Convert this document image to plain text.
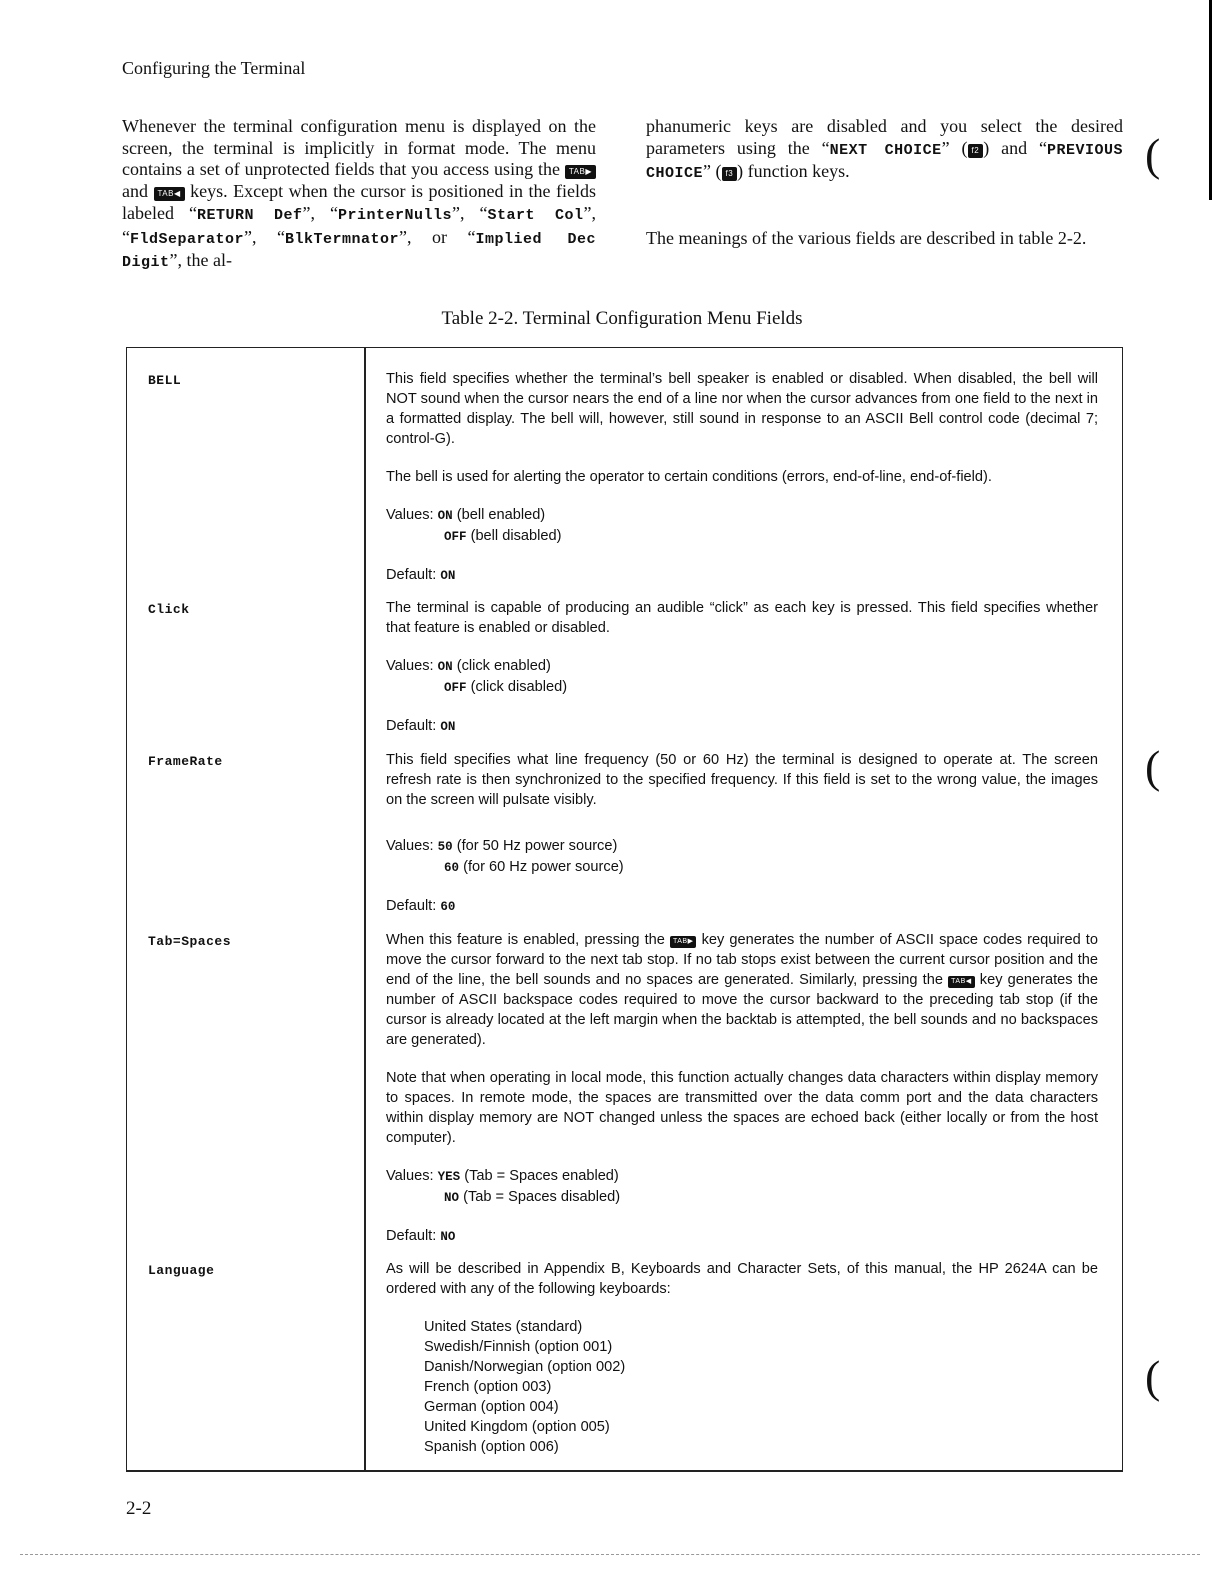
Configuring the Terminal

Whenever the terminal configuration menu is displayed on the screen, the terminal is implicitly in format mode. The menu contains a set of unprotected fields that you access using the TAB▶ and TAB◀ keys. Except when the cursor is positioned in the fields labeled “RETURN Def”, “PrinterNulls”, “Start Col”, “FldSeparator”, “BlkTermnator”, or “Implied Dec Digit”, the al-

phanumeric keys are disabled and you select the desired parameters using the “NEXT CHOICE” ( f2 ) and “PREVIOUS CHOICE” ( f3 ) function keys.

The meanings of the various fields are described in table 2-2.

Table 2-2. Terminal Configuration Menu Fields
BELL	This field specifies whether the terminal’s bell speaker is enabled or disabled. When disabled, the bell will NOT sound when the cursor nears the end of a line nor when the cursor advances from one field to the next in a formatted display. The bell will, however, still sound in response to an ASCII Bell control code (decimal 7; control-G).

The bell is used for alerting the operator to certain conditions (errors, end-of-line, end-of-field).

Values: ON (bell enabled)
OFF (bell disabled)

Default: ON

Click	The terminal is capable of producing an audible “click” as each key is pressed. This field specifies whether that feature is enabled or disabled.

Values: ON (click enabled)
OFF (click disabled)

Default: ON

FrameRate	This field specifies what line frequency (50 or 60 Hz) the terminal is designed to operate at. The screen refresh rate is then synchronized to the specified frequency. If this field is set to the wrong value, the images on the screen will pulsate visibly.

Values: 50 (for 50 Hz power source)
60 (for 60 Hz power source)

Default: 60

Tab=Spaces	When this feature is enabled, pressing the TAB▶ key generates the number of ASCII space codes required to move the cursor forward to the next tab stop. If no tab stops exist between the current cursor position and the end of the line, the bell sounds and no spaces are generated. Similarly, pressing the TAB◀ key generates the number of ASCII backspace codes required to move the cursor backward to the preceding tab stop (if the cursor is already located at the left margin when the backtab is attempted, the bell sounds and no backspaces are generated).

Note that when operating in local mode, this function actually changes data characters within display memory to spaces. In remote mode, the spaces are transmitted over the data comm port and the data characters within display memory are NOT changed unless the spaces are echoed back (either locally or from the host computer).

Values: YES (Tab = Spaces enabled)
NO (Tab = Spaces disabled)

Default: NO

Language	As will be described in Appendix B, Keyboards and Character Sets, of this manual, the HP 2624A can be ordered with any of the following keyboards:

United States (standard)
Swedish/Finnish (option 001)
Danish/Norwegian (option 002)
French (option 003)
German (option 004)
United Kingdom (option 005)
Spanish (option 006)
(
(
(
2-2
